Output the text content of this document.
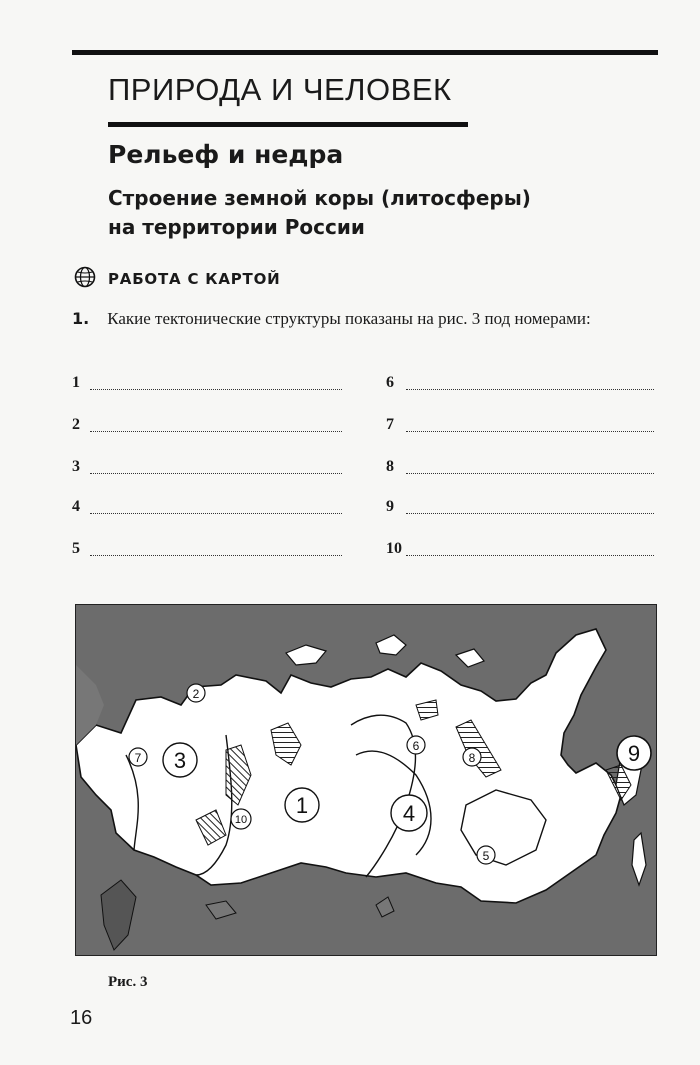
ПРИРОДА И ЧЕЛОВЕК
Рельеф и недра
Строение земной коры (литосферы)
на территории России
РАБОТА С КАРТОЙ
1. Какие тектонические структуры показаны на рис. 3 под номерами:
1
2
3
4
5
6
7
8
9
10
1
2
3
4
5
6
7	8	9
10
Рис. 3
16
